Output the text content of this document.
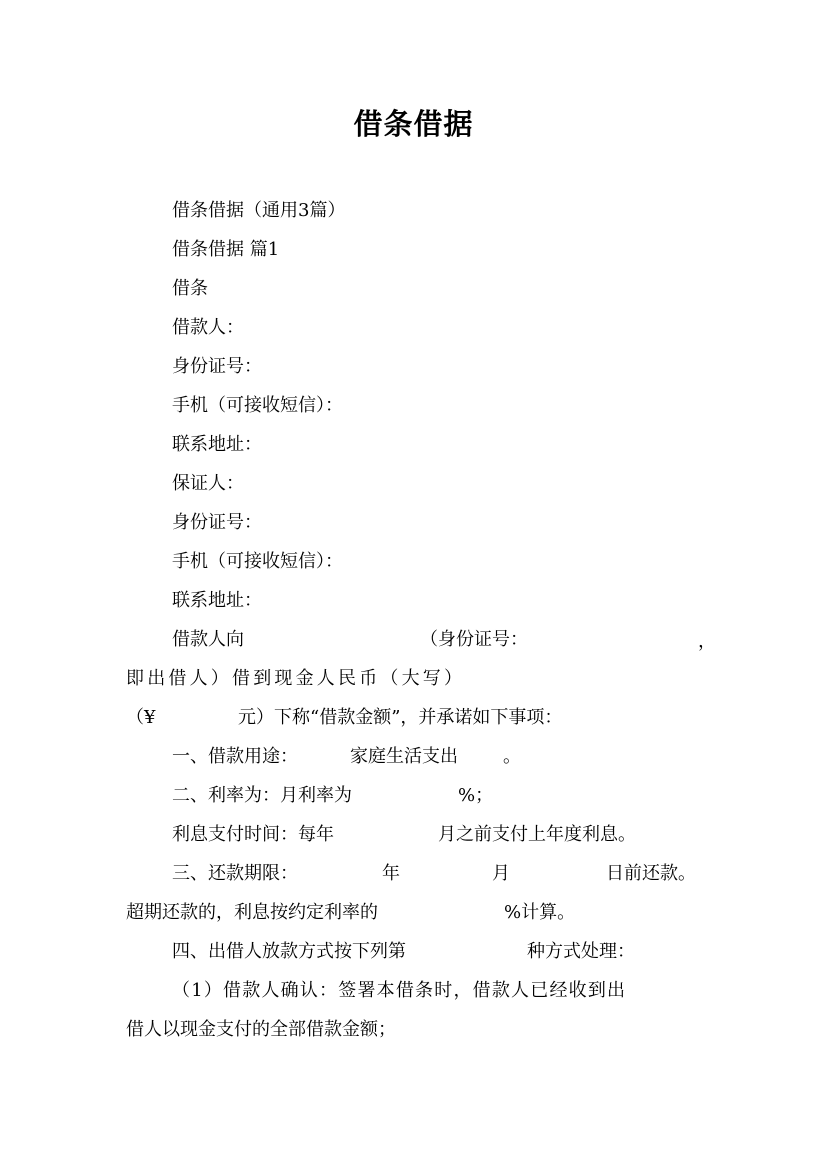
借条借据
借条借据（通用3篇）
借条借据 篇1
借条
借款人：
身份证号：
手机（可接收短信）：
联系地址：
保证人：
身份证号：
手机（可接收短信）：
联系地址：
借款人向	（身份证号：	，
即出借人）借到现金人民币（大写）
（¥	元）下称“借款金额”，并承诺如下事项：
一、借款用途：	家庭生活支出	。
二、利率为：月利率为	%；
利息支付时间：每年	月之前支付上年度利息。
三、还款期限：	年	月	日前还款。
超期还款的，利息按约定利率的	%计算。
四、出借人放款方式按下列第	种方式处理：
（1）借款人确认：签署本借条时，借款人已经收到出
借人以现金支付的全部借款金额；
